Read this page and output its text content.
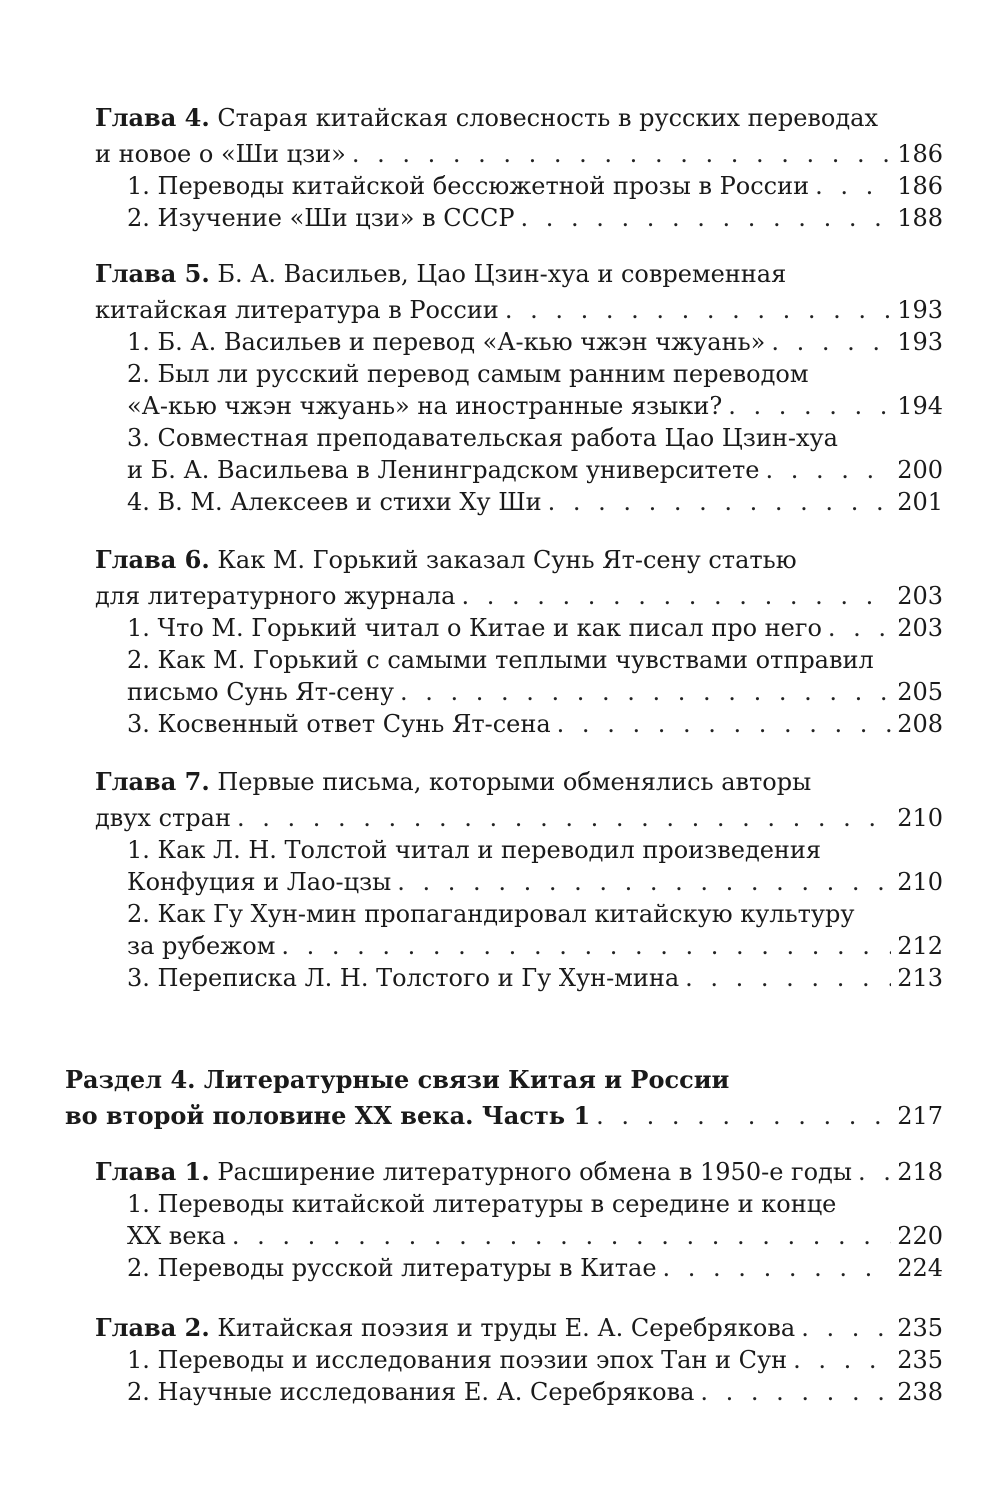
Глава 4. Старая китайская словесность в русских переводах
и новое о «Ши цзи» . . .	186
1. Переводы китайской бессюжетной прозы в России . . .	186
2. Изучение «Ши цзи» в СССР . . .	188
Глава 5. Б. А. Васильев, Цао Цзин-хуа и современная
китайская литература в России . . .	193
1. Б. А. Васильев и перевод «А-кью чжэн чжуань» . . .	193
2. Был ли русский перевод самым ранним переводом
«А-кью чжэн чжуань» на иностранные языки? . . .	194
3. Совместная преподавательская работа Цао Цзин-хуа
и Б. А. Васильева в Ленинградском университете . . .	200
4. В. М. Алексеев и стихи Ху Ши . . .	201
Глава 6. Как М. Горький заказал Сунь Ят-сену статью
для литературного журнала . . .	203
1. Что М. Горький читал о Китае и как писал про него . . .	203
2. Как М. Горький с самыми теплыми чувствами отправил
письмо Сунь Ят-сену . . .	205
3. Косвенный ответ Сунь Ят-сена . . .	208
Глава 7. Первые письма, которыми обменялись авторы
двух стран . . .	210
1. Как Л. Н. Толстой читал и переводил произведения
Конфуция и Лао-цзы . . .	210
2. Как Гу Хун-мин пропагандировал китайскую культуру
за рубежом . . .	212
3. Переписка Л. Н. Толстого и Гу Хун-мина . . .	213
Раздел 4. Литературные связи Китая и России
во второй половине XX века. Часть 1 . . .	217
Глава 1. Расширение литературного обмена в 1950-е годы . . . 218
1. Переводы китайской литературы в середине и конце
XX века . . .	220
2. Переводы русской литературы в Китае . . .	224
Глава 2. Китайская поэзия и труды Е. А. Серебрякова . . .	235
1. Переводы и исследования поэзии эпох Тан и Сун . . .	235
2. Научные исследования Е. А. Серебрякова . . .	238
